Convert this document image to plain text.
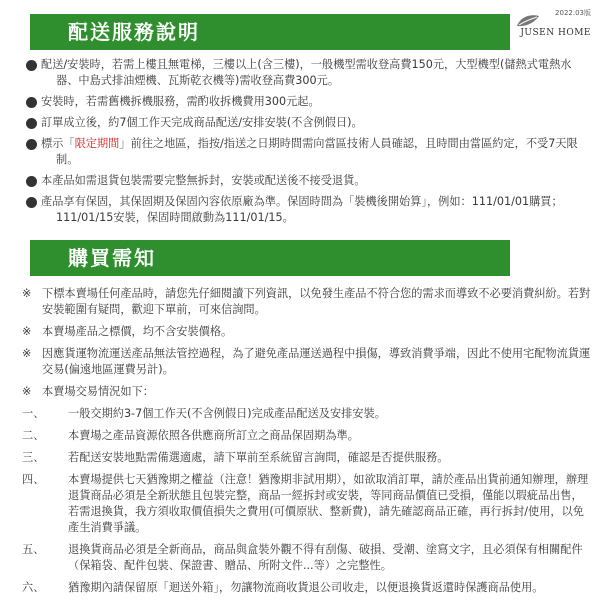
2022.03版
JUSEN HOME
配送服務說明
配送/安裝時，若需上樓且無電梯，三樓以上(含三樓)，一般機型需收登高費150元，大型機型(儲熱式電熱水器、中島式排油煙機、瓦斯乾衣機等)需收登高費300元。
安裝時，若需舊機拆機服務，需酌收拆機費用300元起。
訂單成立後，約7個工作天完成商品配送/安排安裝(不含例假日)。
標示「限定期間」前往之地區，指按/指送之日期時間需向當區技術人員確認，且時間由當區約定，不受7天限制。
本產品如需退貨包裝需要完整無拆封，安裝或配送後不接受退貨。
產品享有保固，其保固期及保固內容依原廠為準。保固時間為「裝機後開始算」，例如：111/01/01購買；111/01/15安裝，保固時間啟動為111/01/15。
購買需知
※ 下標本賣場任何產品時，請您先仔細閱讀下列資訊，以免發生產品不符合您的需求而導致不必要消費糾紛。若對安裝範圍有疑問，歡迎下單前，可來信詢問。
※ 本賣場產品之標價，均不含安裝價格。
※ 因應貨運物流運送產品無法管控過程，為了避免產品運送過程中損傷，導致消費爭端，因此不使用宅配物流貨運交易(偏遠地區運費另計)。
※ 本賣場交易情況如下：
一、	一般交期約3-7個工作天(不含例假日)完成產品配送及安排安裝。
二、	本賣場之產品資源依照各供應商所訂立之商品保固期為準。
三、	若配送安裝地點需備選適處，請下單前至系統留言詢問，確認是否提供服務。
四、	本賣場提供七天猶豫期之權益（注意！猶豫期非試用期），如欲取消訂單，請於產品出貨前通知辦理，辦理退貨商品必須是全新狀態且包裝完整，商品一經拆封或安裝，等同商品價值已受損，僅能以瑕疵品出售，若需退換貨，我方須收取價值損失之費用(可價原狀、整新費)，請先確認商品正確，再行拆封/使用，以免產生消費爭議。
五、	退換貨商品必須是全新商品，商品與盒裝外觀不得有刮傷、破損、受潮、塗寫文字，且必須保有相關配件（保箱袋、配件包裝、保證書、贈品、所附文件...等）之完整性。
六、	猶豫期內請保留原「迴送外箱」，勿讓物流商收貨退公司收走，以便退換貨返還時保護商品使用。
